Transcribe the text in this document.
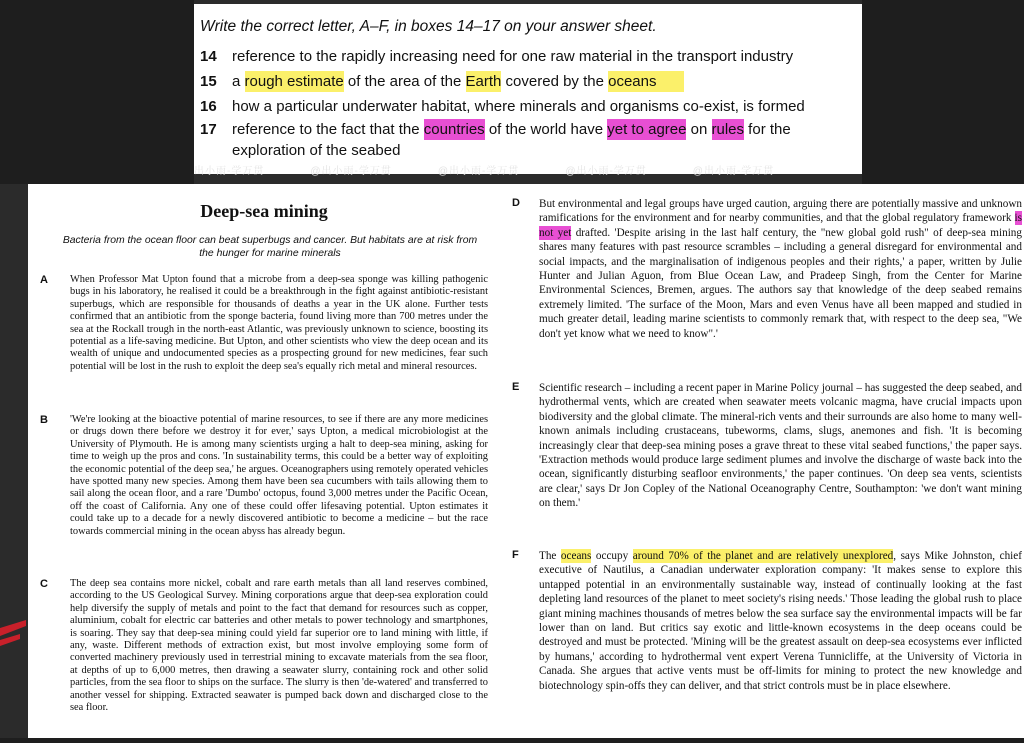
Write the correct letter, A–F, in boxes 14–17 on your answer sheet.

14	reference to the rapidly increasing need for one raw material in the transport industry
15	a rough estimate of the area of the Earth covered by the oceans
16	how a particular underwater habitat, where minerals and organisms co-exist, is formed
17	reference to the fact that the countries of the world have yet to agree on rules for the exploration of the seabed
出小雨-学万贯	@出小雨-学万贯	@出小雨-学万贯	@出小雨-学万贯	@出小雨-学万贯
Deep-sea mining
Bacteria from the ocean floor can beat superbugs and cancer. But habitats are at risk from the hunger for marine minerals
A	When Professor Mat Upton found that a microbe from a deep-sea sponge was killing pathogenic bugs in his laboratory, he realised it could be a breakthrough in the fight against antibiotic-resistant superbugs, which are responsible for thousands of deaths a year in the UK alone. Further tests confirmed that an antibiotic from the sponge bacteria, found living more than 700 metres under the sea at the Rockall trough in the north-east Atlantic, was previously unknown to science, boosting its potential as a life-saving medicine. But Upton, and other scientists who view the deep ocean and its wealth of unique and undocumented species as a prospecting ground for new medicines, fear such potential will be lost in the rush to exploit the deep sea's equally rich metal and mineral resources.
B	'We're looking at the bioactive potential of marine resources, to see if there are any more medicines or drugs down there before we destroy it for ever,' says Upton, a medical microbiologist at the University of Plymouth. He is among many scientists urging a halt to deep-sea mining, asking for time to weigh up the pros and cons. 'In sustainability terms, this could be a better way of exploiting the economic potential of the deep sea,' he argues. Oceanographers using remotely operated vehicles have spotted many new species. Among them have been sea cucumbers with tails allowing them to sail along the ocean floor, and a rare 'Dumbo' octopus, found 3,000 metres under the Pacific Ocean, off the coast of California. Any one of these could offer lifesaving potential. Upton estimates it could take up to a decade for a newly discovered antibiotic to become a medicine – but the race towards commercial mining in the ocean abyss has already begun.
C	The deep sea contains more nickel, cobalt and rare earth metals than all land reserves combined, according to the US Geological Survey. Mining corporations argue that deep-sea exploration could help diversify the supply of metals and point to the fact that demand for resources such as copper, aluminium, cobalt for electric car batteries and other metals to power technology and smartphones, is soaring. They say that deep-sea mining could yield far superior ore to land mining with little, if any, waste. Different methods of extraction exist, but most involve employing some form of converted machinery previously used in terrestrial mining to excavate materials from the sea floor, at depths of up to 6,000 metres, then drawing a seawater slurry, containing rock and other solid particles, from the sea floor to ships on the surface. The slurry is then 'de-watered' and transferred to another vessel for shipping. Extracted seawater is pumped back down and discharged close to the sea floor.
D	But environmental and legal groups have urged caution, arguing there are potentially massive and unknown ramifications for the environment and for nearby communities, and that the global regulatory framework is not yet drafted. 'Despite arising in the last half century, the "new global gold rush" of deep-sea mining shares many features with past resource scrambles – including a general disregard for environmental and social impacts, and the marginalisation of indigenous peoples and their rights,' a paper, written by Julie Hunter and Julian Aguon, from Blue Ocean Law, and Pradeep Singh, from the Center for Marine Environmental Sciences, Bremen, argues. The authors say that knowledge of the deep seabed remains extremely limited. 'The surface of the Moon, Mars and even Venus have all been mapped and studied in much greater detail, leading marine scientists to commonly remark that, with respect to the deep sea, "We don't yet know what we need to know".'
E	Scientific research – including a recent paper in Marine Policy journal – has suggested the deep seabed, and hydrothermal vents, which are created when seawater meets volcanic magma, have crucial impacts upon biodiversity and the global climate. The mineral-rich vents and their surrounds are also home to many well-known animals including crustaceans, tubeworms, clams, slugs, anemones and fish. 'It is becoming increasingly clear that deep-sea mining poses a grave threat to these vital seabed functions,' the paper says. 'Extraction methods would produce large sediment plumes and involve the discharge of waste back into the ocean, significantly disturbing seafloor environments,' the paper continues. 'On deep sea vents, scientists are clear,' says Dr Jon Copley of the National Oceanography Centre, Southampton: 'we don't want mining on them.'
F	The oceans occupy around 70% of the planet and are relatively unexplored, says Mike Johnston, chief executive of Nautilus, a Canadian underwater exploration company: 'It makes sense to explore this untapped potential in an environmentally sustainable way, instead of continually looking at the fast depleting land resources of the planet to meet society's rising needs.' Those leading the global rush to place giant mining machines thousands of metres below the sea surface say the environmental impacts will be far lower than on land. But critics say exotic and little-known ecosystems in the deep oceans could be destroyed and must be protected. 'Mining will be the greatest assault on deep-sea ecosystems ever inflicted by humans,' according to hydrothermal vent expert Verena Tunnicliffe, at the University of Victoria in Canada. She argues that active vents must be off-limits for mining to protect the new knowledge and biotechnology spin-offs they can deliver, and that strict controls must be in place elsewhere.
